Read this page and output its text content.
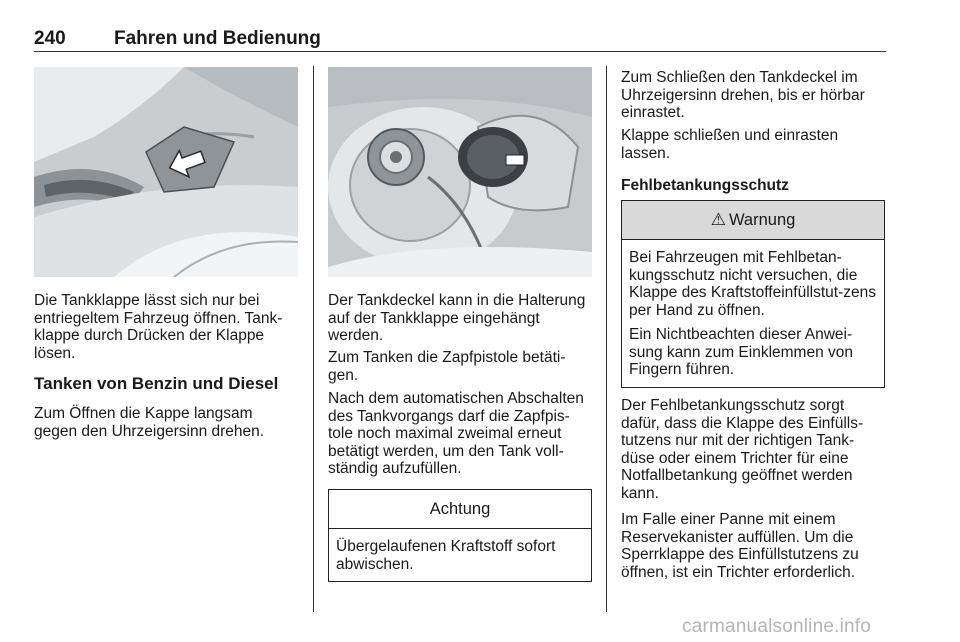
240	Fahren und Bedienung

Die Tankklappe lässt sich nur bei entriegeltem Fahrzeug öffnen. Tank-klappe durch Drücken der Klappe lösen.

Tanken von Benzin und Diesel

Zum Öffnen die Kappe langsam gegen den Uhrzeigersinn drehen.

Der Tankdeckel kann in die Halterung auf der Tankklappe eingehängt werden.

Zum Tanken die Zapfpistole betäti-gen.

Nach dem automatischen Abschalten des Tankvorgangs darf die Zapfpis-tole noch maximal zweimal erneut betätigt werden, um den Tank voll-ständig aufzufüllen.

Achtung

Übergelaufenen Kraftstoff sofort abwischen.

Zum Schließen den Tankdeckel im Uhrzeigersinn drehen, bis er hörbar einrastet.

Klappe schließen und einrasten lassen.

Fehlbetankungsschutz
⚠ Warnung

Bei Fahrzeugen mit Fehlbetan-kungsschutz nicht versuchen, die Klappe des Kraftstoffeinfüllstut-zens per Hand zu öffnen.

Ein Nichtbeachten dieser Anwei-sung kann zum Einklemmen von Fingern führen.

Der Fehlbetankungsschutz sorgt dafür, dass die Klappe des Einfülls-tutzens nur mit der richtigen Tank-düse oder einem Trichter für eine Notfallbetankung geöffnet werden kann.

Im Falle einer Panne mit einem Reservekanister auffüllen. Um die Sperrklappe des Einfüllstutzens zu öffnen, ist ein Trichter erforderlich.

carmanualsonline.info
